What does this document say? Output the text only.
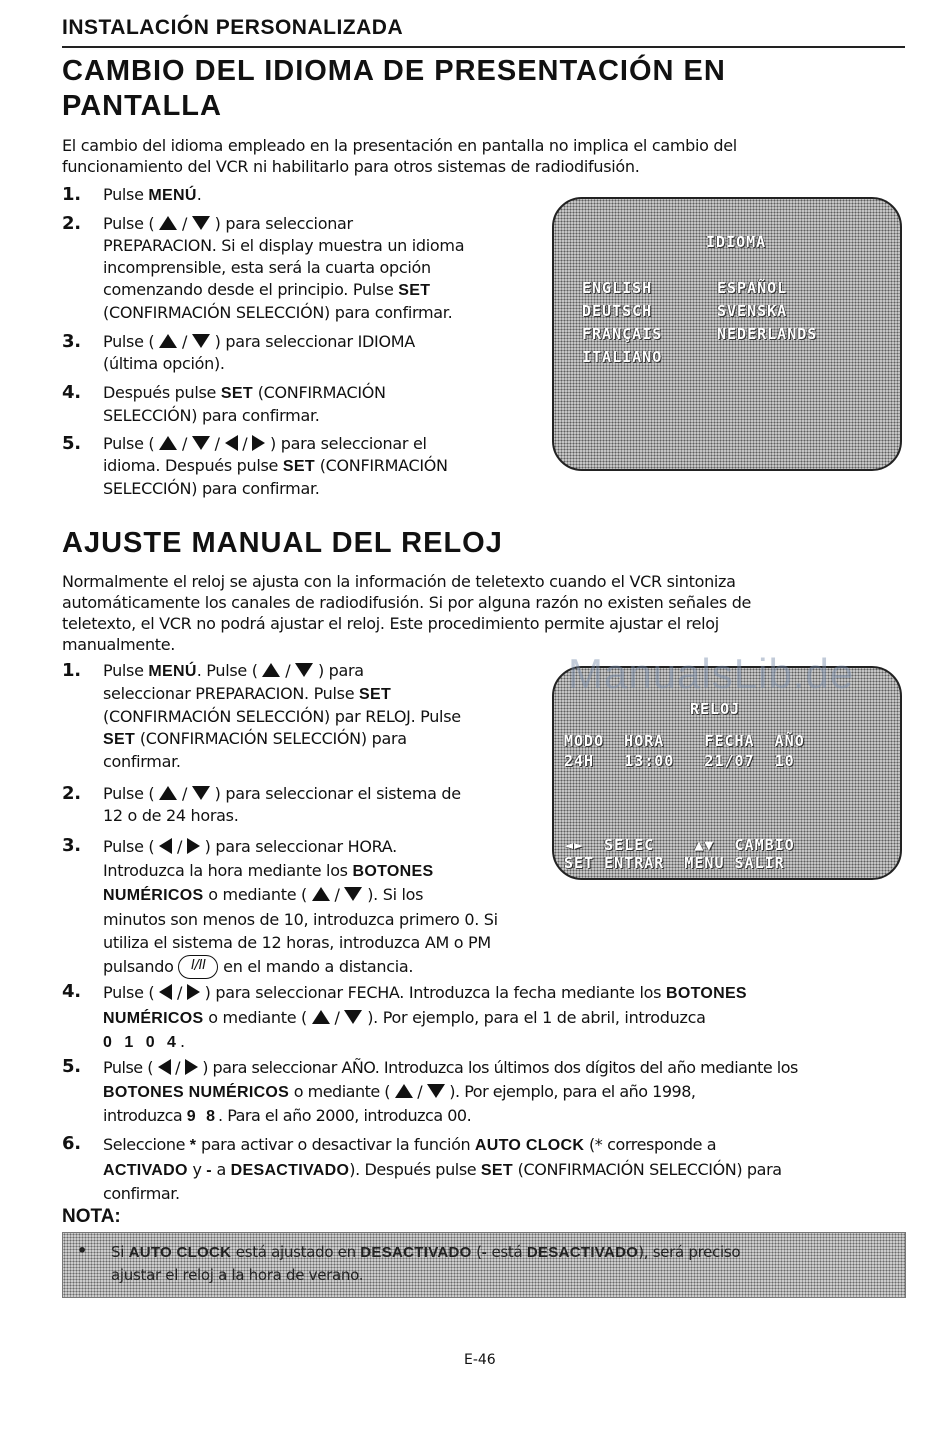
INSTALACIÓN PERSONALIZADA
CAMBIO DEL IDIOMA DE PRESENTACIÓN EN
PANTALLA
El cambio del idioma empleado en la presentación en pantalla no implica el cambio del
funcionamiento del VCR ni habilitarlo para otros sistemas de radiodifusión.
1. Pulse MENÚ.
2. Pulse (  /  ) para seleccionar
PREPARACION. Si el display muestra un idioma
incomprensible, esta será la cuarta opción
comenzando desde el principio. Pulse SET
(CONFIRMACIÓN SELECCIÓN) para confirmar.
3. Pulse (  /  ) para seleccionar IDIOMA
(última opción).
4. Después pulse SET (CONFIRMACIÓN
SELECCIÓN) para confirmar.
5. Pulse (  /  /  /  ) para seleccionar el
idioma. Después pulse SET (CONFIRMACIÓN
SELECCIÓN) para confirmar.
IDIOMA
ENGLISH
DEUTSCH
FRANÇAIS
ITALIANO
ESPAÑOL
SVENSKA
NEDERLANDS
AJUSTE MANUAL DEL RELOJ
Normalmente el reloj se ajusta con la información de teletexto cuando el VCR sintoniza
automáticamente los canales de radiodifusión. Si por alguna razón no existen señales de
teletexto, el VCR no podrá ajustar el reloj. Este procedimiento permite ajustar el reloj
manualmente.
1. Pulse MENÚ. Pulse (  /  ) para
seleccionar PREPARACION. Pulse SET
(CONFIRMACIÓN SELECCIÓN) par RELOJ. Pulse
SET (CONFIRMACIÓN SELECCIÓN) para
confirmar.
2. Pulse (  /  ) para seleccionar el sistema de
12 o de 24 horas.
3. Pulse (  /  ) para seleccionar HORA.
Introduzca la hora mediante los BOTONES
NUMÉRICOS o mediante (  /  ). Si los
minutos son menos de 10, introduzca primero 0. Si
utiliza el sistema de 12 horas, introduzca AM o PM
pulsando I/II en el mando a distancia.
4. Pulse (  /  ) para seleccionar FECHA. Introduzca la fecha mediante los BOTONES
NUMÉRICOS o mediante (  /  ). Por ejemplo, para el 1 de abril, introduzca
0 1 0 4.
5. Pulse (  /  ) para seleccionar AÑO. Introduzca los últimos dos dígitos del año mediante los
BOTONES NUMÉRICOS o mediante (  /  ). Por ejemplo, para el año 1998,
introduzca 9 8. Para el año 2000, introduzca 00.
6. Seleccione * para activar o desactivar la función AUTO CLOCK (* corresponde a
ACTIVADO y - a DESACTIVADO). Después pulse SET (CONFIRMACIÓN SELECCIÓN) para
confirmar.
RELOJ
MODO  HORA    FECHA  AÑO
24H   13:00   21/07  10
◄►  SELEC    ▲▼  CAMBIO
SET ENTRAR  MENU SALIR
ManualsLib.de
NOTA:
• Si AUTO CLOCK está ajustado en DESACTIVADO (- está DESACTIVADO), será preciso
ajustar el reloj a la hora de verano.
E-46
